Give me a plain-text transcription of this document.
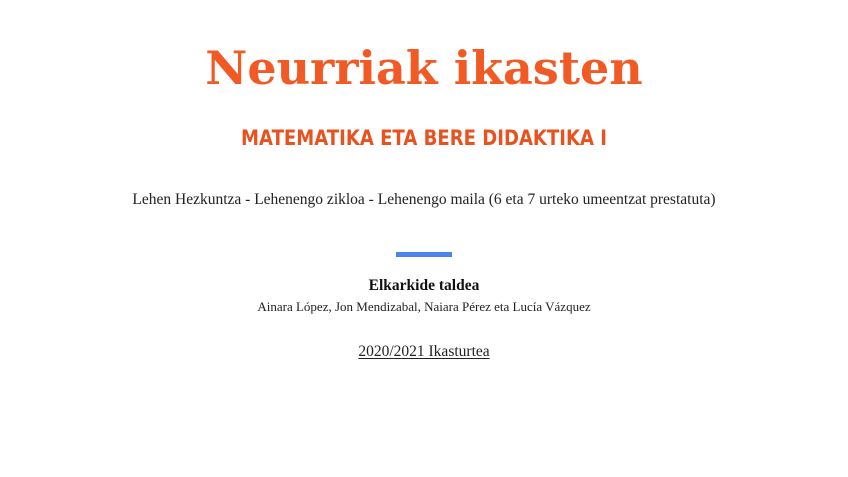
Neurriak ikasten
MATEMATIKA ETA BERE DIDAKTIKA I
Lehen Hezkuntza - Lehenengo zikloa - Lehenengo maila (6 eta 7 urteko umeentzat prestatuta)
Elkarkide taldea
Ainara López, Jon Mendizabal, Naiara Pérez eta Lucía Vázquez
2020/2021 Ikasturtea
